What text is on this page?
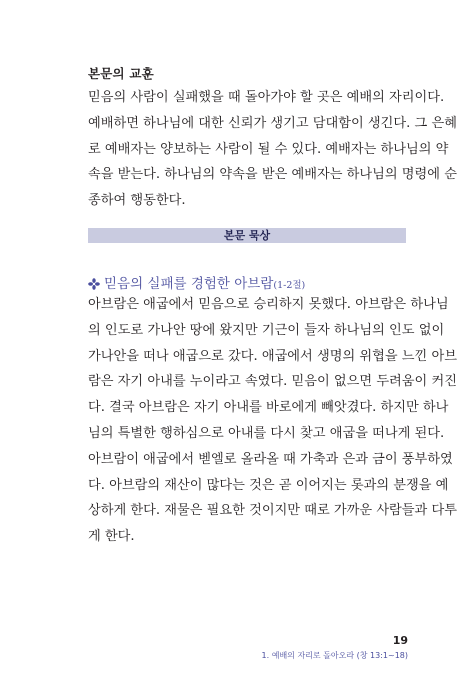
본문의 교훈
믿음의 사람이 실패했을 때 돌아가야 할 곳은 예배의 자리이다.
예배하면 하나님에 대한 신뢰가 생기고 담대함이 생긴다. 그 은혜
로 예배자는 양보하는 사람이 될 수 있다. 예배자는 하나님의 약
속을 받는다. 하나님의 약속을 받은 예배자는 하나님의 명령에 순
종하여 행동한다.
본문 묵상
믿음의 실패를 경험한 아브람(1-2절)
아브람은 애굽에서 믿음으로 승리하지 못했다. 아브람은 하나님
의 인도로 가나안 땅에 왔지만 기근이 들자 하나님의 인도 없이
가나안을 떠나 애굽으로 갔다. 애굽에서 생명의 위협을 느낀 아브
람은 자기 아내를 누이라고 속였다. 믿음이 없으면 두려움이 커진
다. 결국 아브람은 자기 아내를 바로에게 빼앗겼다. 하지만 하나
님의 특별한 행하심으로 아내를 다시 찾고 애굽을 떠나게 된다.
아브람이 애굽에서 벧엘로 올라올 때 가축과 은과 금이 풍부하였
다. 아브람의 재산이 많다는 것은 곧 이어지는 롯과의 분쟁을 예
상하게 한다. 재물은 필요한 것이지만 때로 가까운 사람들과 다투
게 한다.
19
1. 예배의 자리로 돌아오라 (창 13:1~18)
